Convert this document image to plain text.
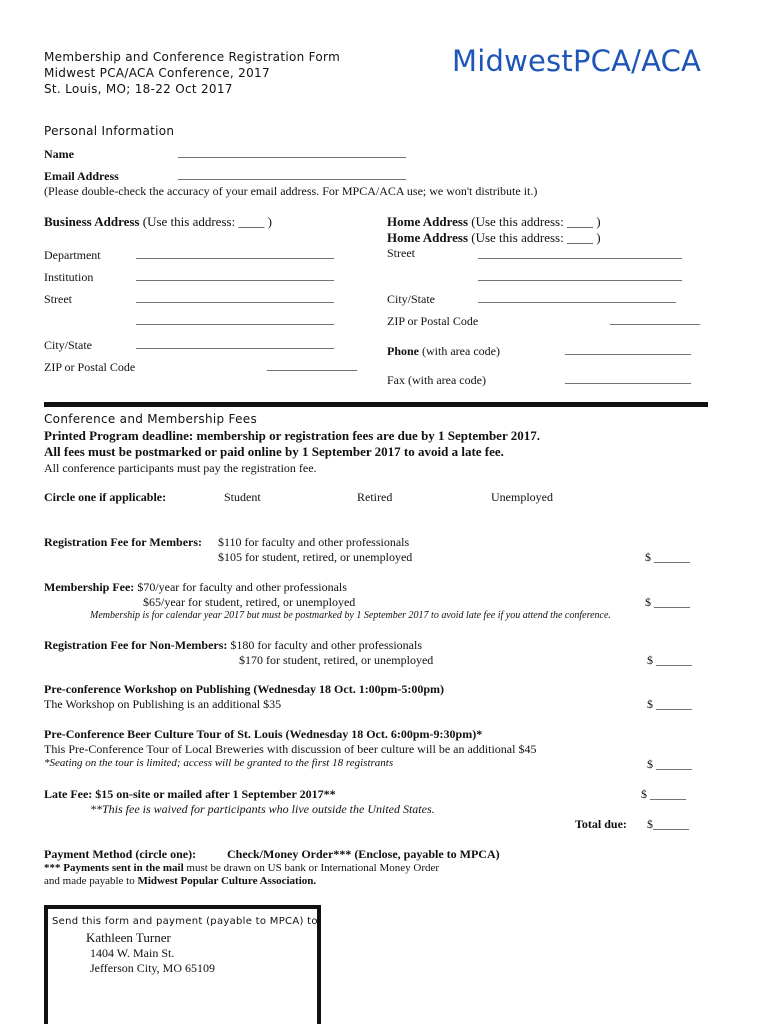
Membership and Conference Registration Form
Midwest PCA/ACA Conference, 2017
St. Louis, MO; 18-22 Oct 2017
MidwestPCA/ACA
Personal Information
Name	______________________________________
Email Address	______________________________________
(Please double-check the accuracy of your email address. For MPCA/ACA use; we won't distribute it.)
Business Address (Use this address: ____ )
Department	_________________________________
Institution	_________________________________
Street	_________________________________
_________________________________
City/State	_________________________________
ZIP or Postal Code	_______________
Home Address (Use this address: ____ )
Home Address (Use this address: ____ )
Street	__________________________________
__________________________________
City/State	_________________________________
ZIP or Postal Code	_______________
Phone (with area code)	_____________________
Fax (with area code)	_____________________
Conference and Membership Fees
Printed Program deadline: membership or registration fees are due by 1 September 2017.
All fees must be postmarked or paid online by 1 September 2017 to avoid a late fee.
All conference participants must pay the registration fee.
Circle one if applicable:	Student	Retired	Unemployed
Registration Fee for Members: $110 for faculty and other professionals
$105 for student, retired, or unemployed	$ ______
Membership Fee: $70/year for faculty and other professionals
$65/year for student, retired, or unemployed	$ ______
Membership is for calendar year 2017 but must be postmarked by 1 September 2017 to avoid late fee if you attend the conference.
Registration Fee for Non-Members: $180 for faculty and other professionals
$170 for student, retired, or unemployed	$ ______
Pre-conference Workshop on Publishing (Wednesday 18 Oct. 1:00pm-5:00pm)
The Workshop on Publishing is an additional $35	$ ______
Pre-Conference Beer Culture Tour of St. Louis (Wednesday 18 Oct. 6:00pm-9:30pm)*
This Pre-Conference Tour of Local Breweries with discussion of beer culture will be an additional $45
*Seating on the tour is limited; access will be granted to the first 18 registrants	$ ______
Late Fee: $15 on-site or mailed after 1 September 2017**	$ ______
**This fee is waived for participants who live outside the United States.
Total due: $______
Payment Method (circle one):	Check/Money Order*** (Enclose, payable to MPCA)
*** Payments sent in the mail must be drawn on US bank or International Money Order
and made payable to Midwest Popular Culture Association.
Send this form and payment (payable to MPCA) to:
Kathleen Turner
1404 W. Main St.
Jefferson City, MO 65109
